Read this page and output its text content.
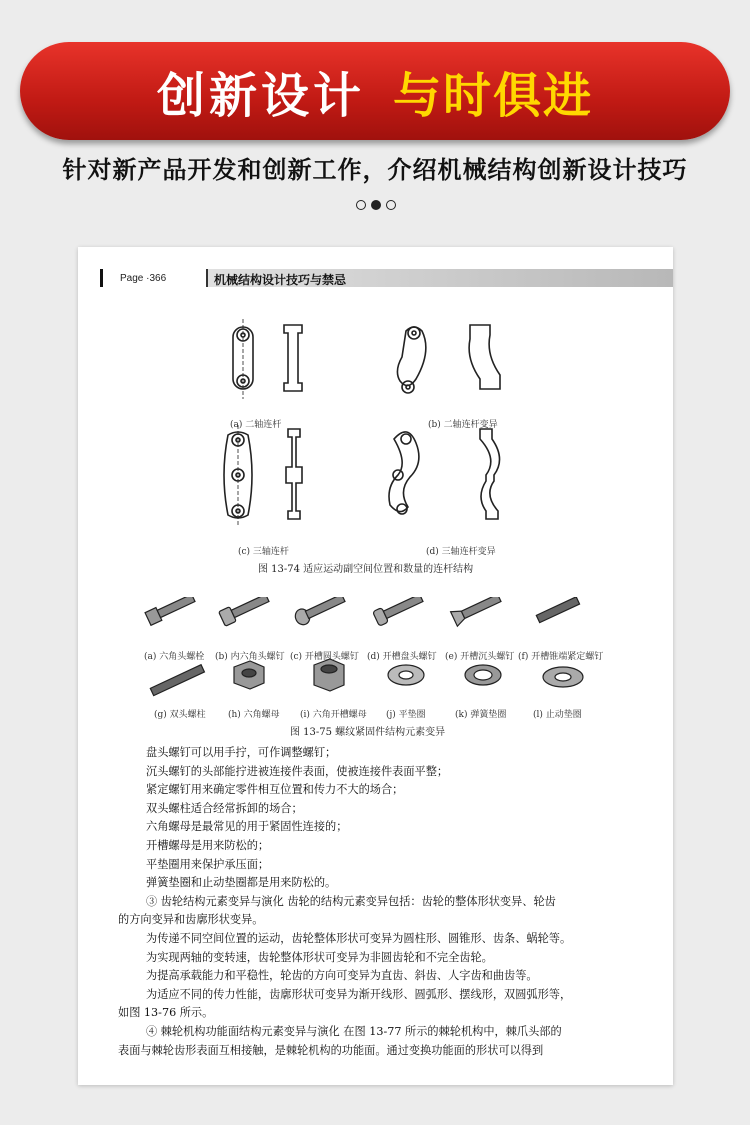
创新设计 与时俱进
针对新产品开发和创新工作，介绍机械结构创新设计技巧
Page ·366	机械结构设计技巧与禁忌
(a) 二轴连杆	(b) 二轴连杆变异
(c) 三轴连杆	(d) 三轴连杆变异
图 13-74 适应运动副空间位置和数量的连杆结构
(a) 六角头螺栓 (b) 内六角头螺钉 (c) 开槽圆头螺钉 (d) 开槽盘头螺钉 (e) 开槽沉头螺钉 (f) 开槽锥端紧定螺钉
(g) 双头螺柱 (h) 六角螺母 (i) 六角开槽螺母 (j) 平垫圈	(k) 弹簧垫圈	(l) 止动垫圈
图 13-75 螺纹紧固件结构元素变异

盘头螺钉可以用手拧，可作调整螺钉；

沉头螺钉的头部能拧进被连接件表面，使被连接件表面平整；

紧定螺钉用来确定零件相互位置和传力不大的场合；

双头螺柱适合经常拆卸的场合；

六角螺母是最常见的用于紧固性连接的；

开槽螺母是用来防松的；

平垫圈用来保护承压面；

弹簧垫圈和止动垫圈都是用来防松的。

③ 齿轮结构元素变异与演化 齿轮的结构元素变异包括：齿轮的整体形状变异、轮齿

的方向变异和齿廓形状变异。

为传递不同空间位置的运动，齿轮整体形状可变异为圆柱形、圆锥形、齿条、蜗轮等。

为实现两轴的变转速，齿轮整体形状可变异为非圆齿轮和不完全齿轮。

为提高承载能力和平稳性，轮齿的方向可变异为直齿、斜齿、人字齿和曲齿等。

为适应不同的传力性能，齿廓形状可变异为渐开线形、圆弧形、摆线形，双圆弧形等，

如图 13-76 所示。

④ 棘轮机构功能面结构元素变异与演化 在图 13-77 所示的棘轮机构中，棘爪头部的

表面与棘轮齿形表面互相接触，是棘轮机构的功能面。通过变换功能面的形状可以得到
